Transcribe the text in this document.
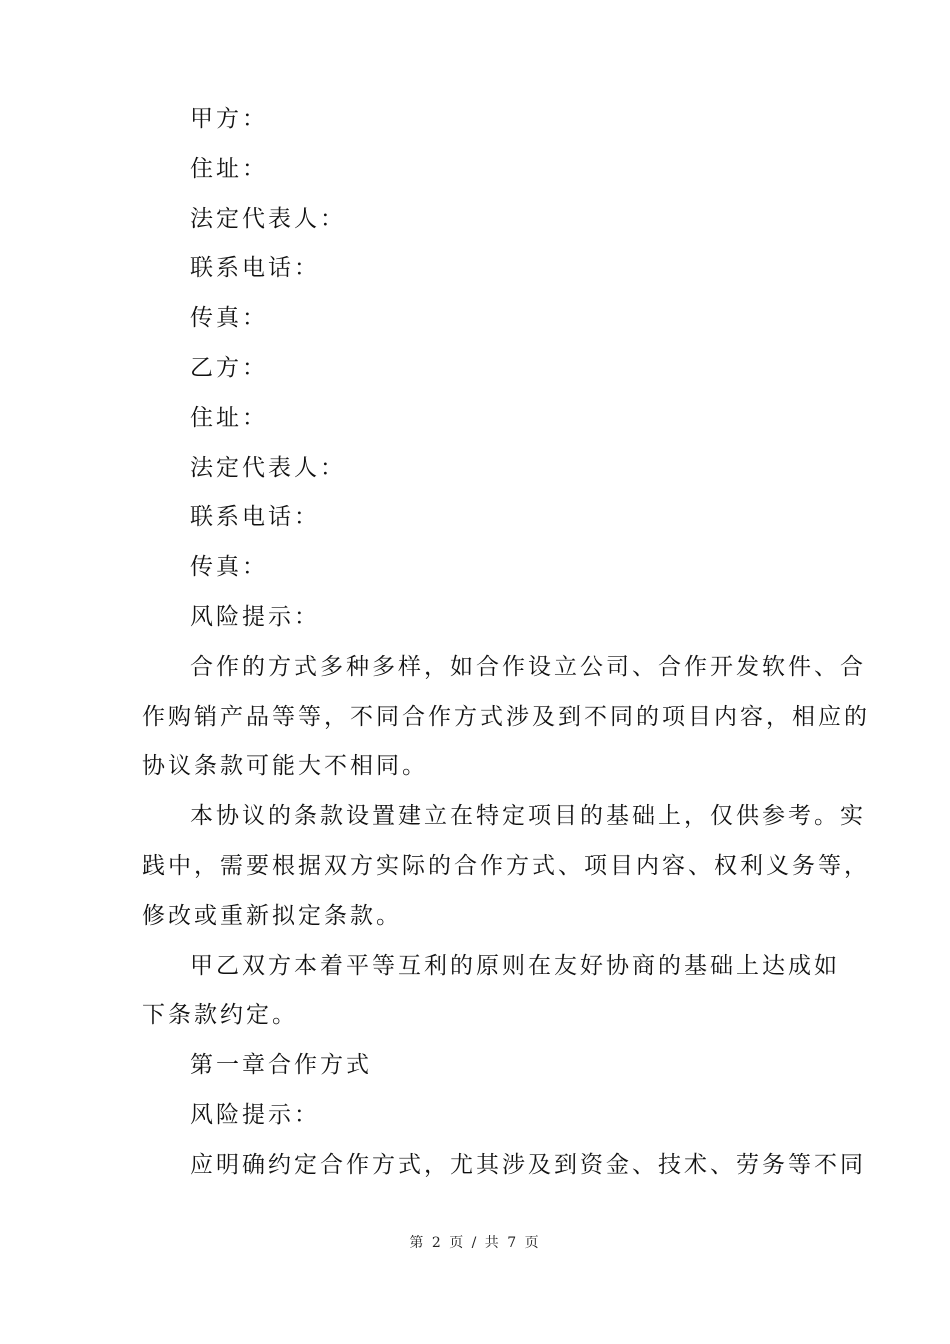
甲方：
住址：
法定代表人：
联系电话：
传真：
乙方：
住址：
法定代表人：
联系电话：
传真：
风险提示：
合作的方式多种多样，如合作设立公司、合作开发软件、合
作购销产品等等，不同合作方式涉及到不同的项目内容，相应的
协议条款可能大不相同。
本协议的条款设置建立在特定项目的基础上，仅供参考。实
践中，需要根据双方实际的合作方式、项目内容、权利义务等，
修改或重新拟定条款。
甲乙双方本着平等互利的原则在友好协商的基础上达成如
下条款约定。
第一章合作方式
风险提示：
应明确约定合作方式，尤其涉及到资金、技术、劳务等不同
第 2 页 / 共 7 页
